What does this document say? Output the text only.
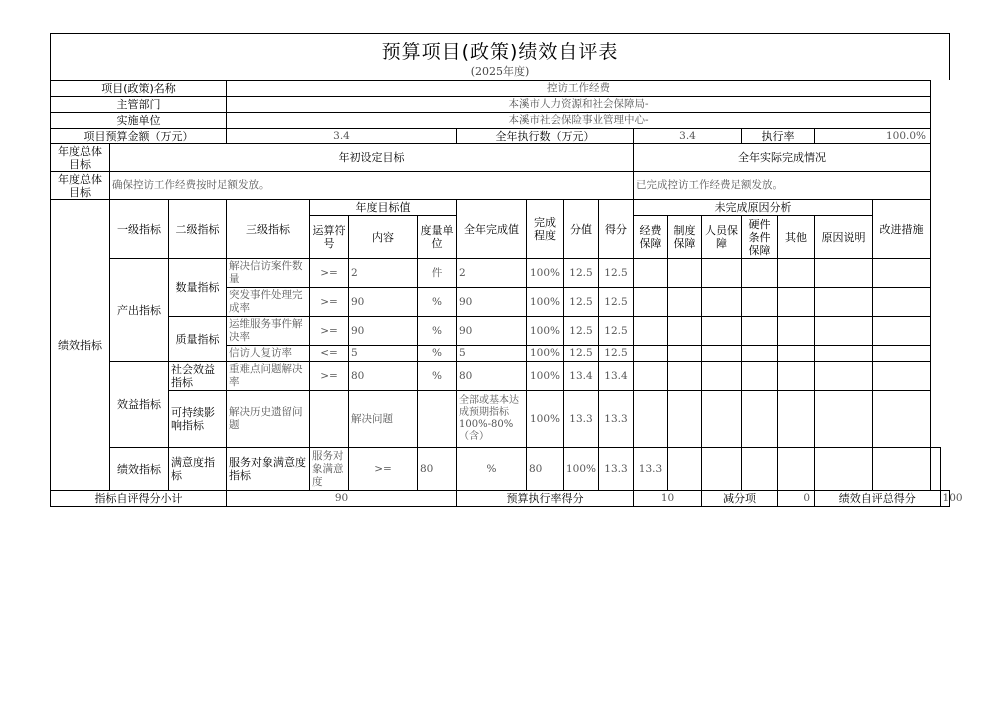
预算项目(政策)绩效自评表
(2025年度)
项目(政策)名称			控访工作经费																
主管部门			本溪市人力资源和社会保障局-																
实施单位			本溪市社会保险事业管理中心-																
项目预算金额（万元）			3.4				全年执行数（万元）				3.4			执行率		100.0%			
年度总体目标	年初设定目标										全年实际完成情况								
年度总体目标	确保控访工作经费按时足额发放。										已完成控访工作经费足额发放。								
绩效指标	一级指标	二级指标	三级指标	年度目标值			全年完成值	完成程度	分值	得分	未完成原因分析						改进措施		
				运算符号	内容	度量单位					经费保障	制度保障	人员保障	硬件条件保障	其他	原因说明			
	产出指标	数量指标	解决信访案件数量	>=	2	件	2	100%	12.5	12.5									
			突发事件处理完成率	>=	90	%	90	100%	12.5	12.5									
		质量指标	运维服务事件解决率	>=	90	%	90	100%	12.5	12.5									
			信访人复访率	<=	5	%	5	100%	12.5	12.5									
	效益指标	社会效益指标	重难点问题解决率	>=	80	%	80	100%	13.4	13.4									
		可持续影响指标	解决历史遗留问题		解决问题		全部或基本达成预期指标100%-80%（含）	100%	13.3	13.3									
	绩效指标	满意度指标	服务对象满意度指标	服务对象满意度	>=	80	%	80	100%	13.3	13.3								
指标自评得分小计			90				预算执行率得分				10		减分项		0	绩效自评总得分			100
